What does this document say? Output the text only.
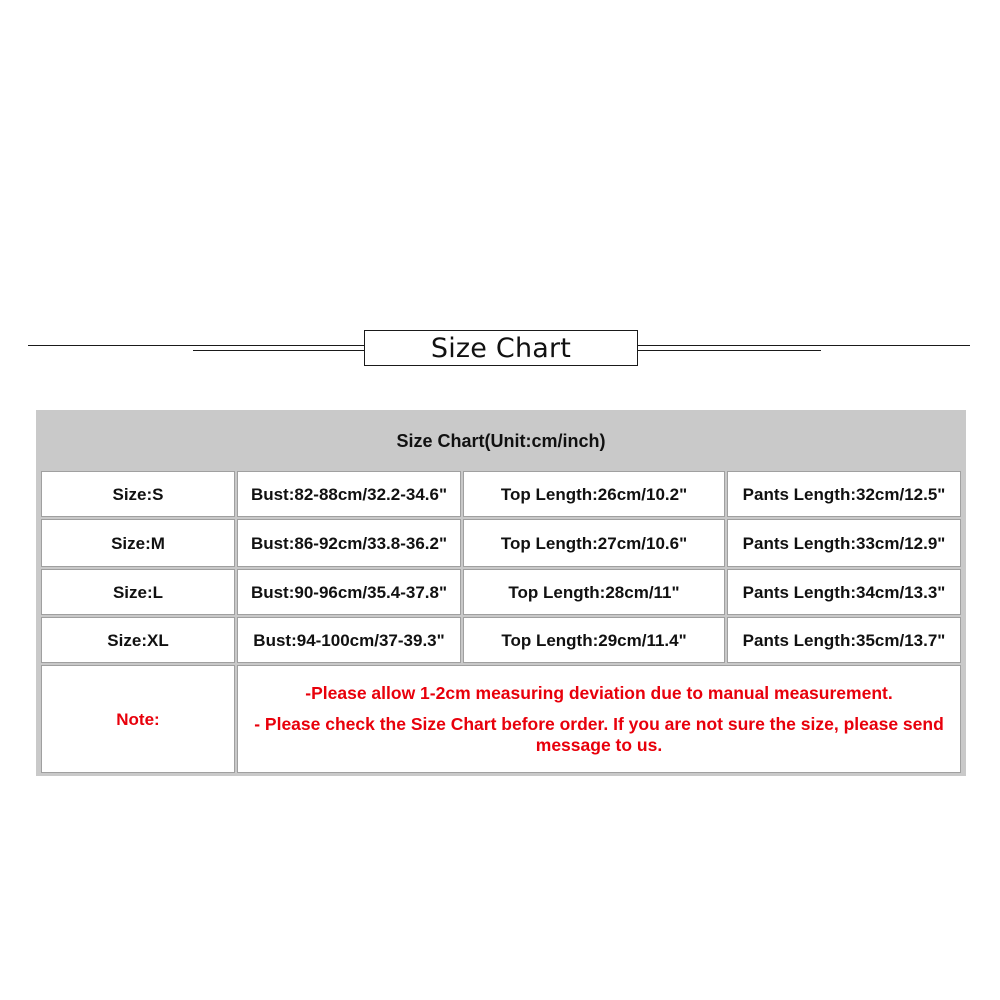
Size Chart
Size Chart(Unit:cm/inch)
Size:S	Bust:82-88cm/32.2-34.6"	Top Length:26cm/10.2"	Pants Length:32cm/12.5"
Size:M	Bust:86-92cm/33.8-36.2"	Top Length:27cm/10.6"	Pants Length:33cm/12.9"
Size:L	Bust:90-96cm/35.4-37.8"	Top Length:28cm/11"	Pants Length:34cm/13.3"
Size:XL	Bust:94-100cm/37-39.3"	Top Length:29cm/11.4"	Pants Length:35cm/13.7"
Note:
-Please allow 1-2cm measuring deviation due to manual measurement.
- Please check the Size Chart before order. If you are not sure the size, please send message to us.
